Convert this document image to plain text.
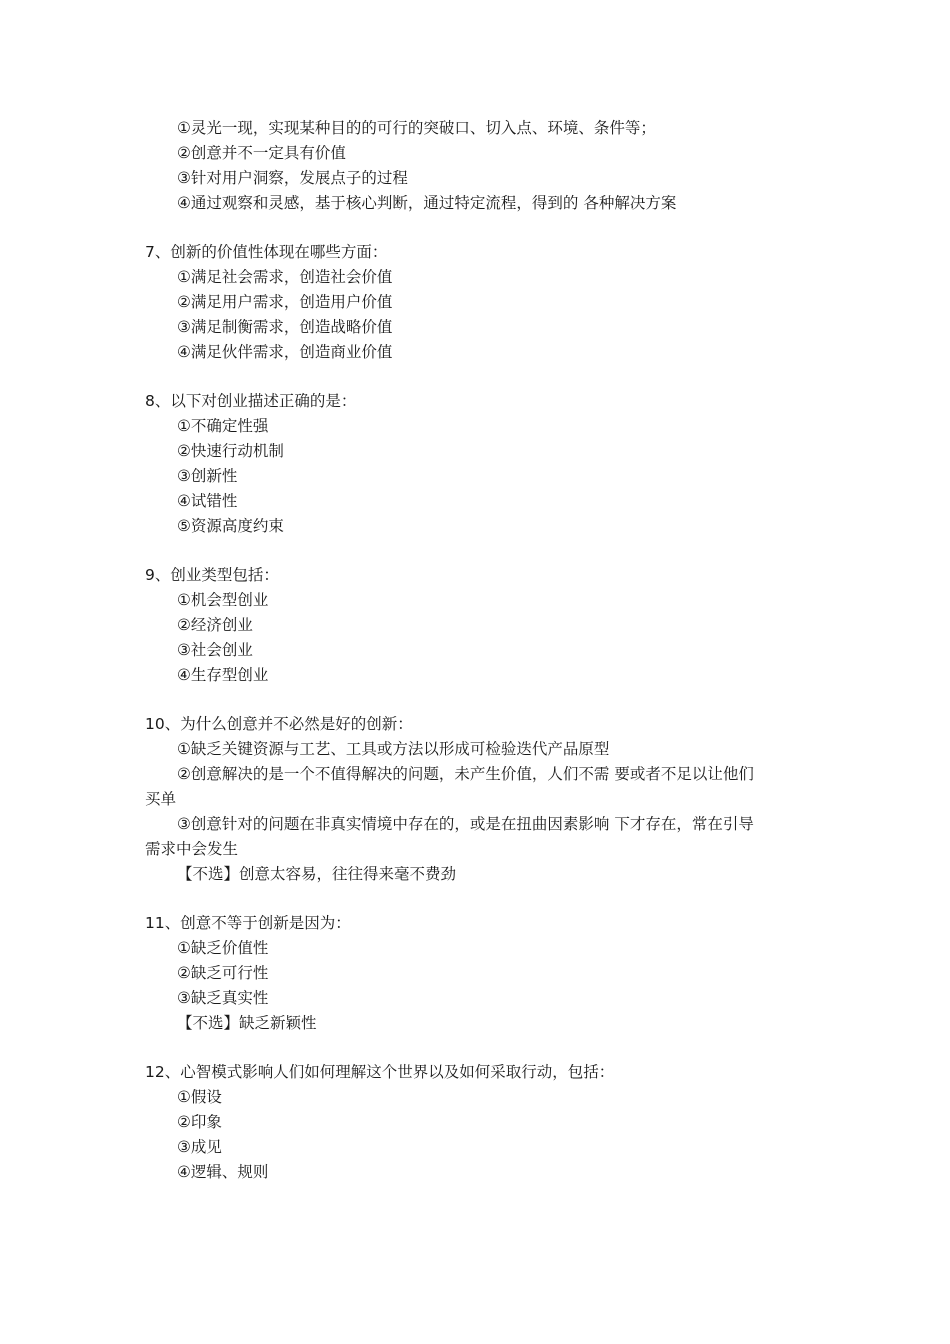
①灵光一现，实现某种目的的可行的突破口、切入点、环境、条件等；
②创意并不一定具有价值
③针对用户洞察，发展点子的过程
④通过观察和灵感，基于核心判断，通过特定流程，得到的 各种解决方案
7、创新的价值性体现在哪些方面：
①满足社会需求，创造社会价值
②满足用户需求，创造用户价值
③满足制衡需求，创造战略价值
④满足伙伴需求，创造商业价值
8、以下对创业描述正确的是：
①不确定性强
②快速行动机制
③创新性
④试错性
⑤资源高度约束
9、创业类型包括：
①机会型创业
②经济创业
③社会创业
④生存型创业
10、为什么创意并不必然是好的创新：
①缺乏关键资源与工艺、工具或方法以形成可检验迭代产品原型
②创意解决的是一个不值得解决的问题，未产生价值，人们不需 要或者不足以让他们
买单
③创意针对的问题在非真实情境中存在的，或是在扭曲因素影响 下才存在，常在引导
需求中会发生
【不选】创意太容易，往往得来毫不费劲
11、创意不等于创新是因为：
①缺乏价值性
②缺乏可行性
③缺乏真实性
【不选】缺乏新颖性
12、心智模式影响人们如何理解这个世界以及如何采取行动，包括：
①假设
②印象
③成见
④逻辑、规则
